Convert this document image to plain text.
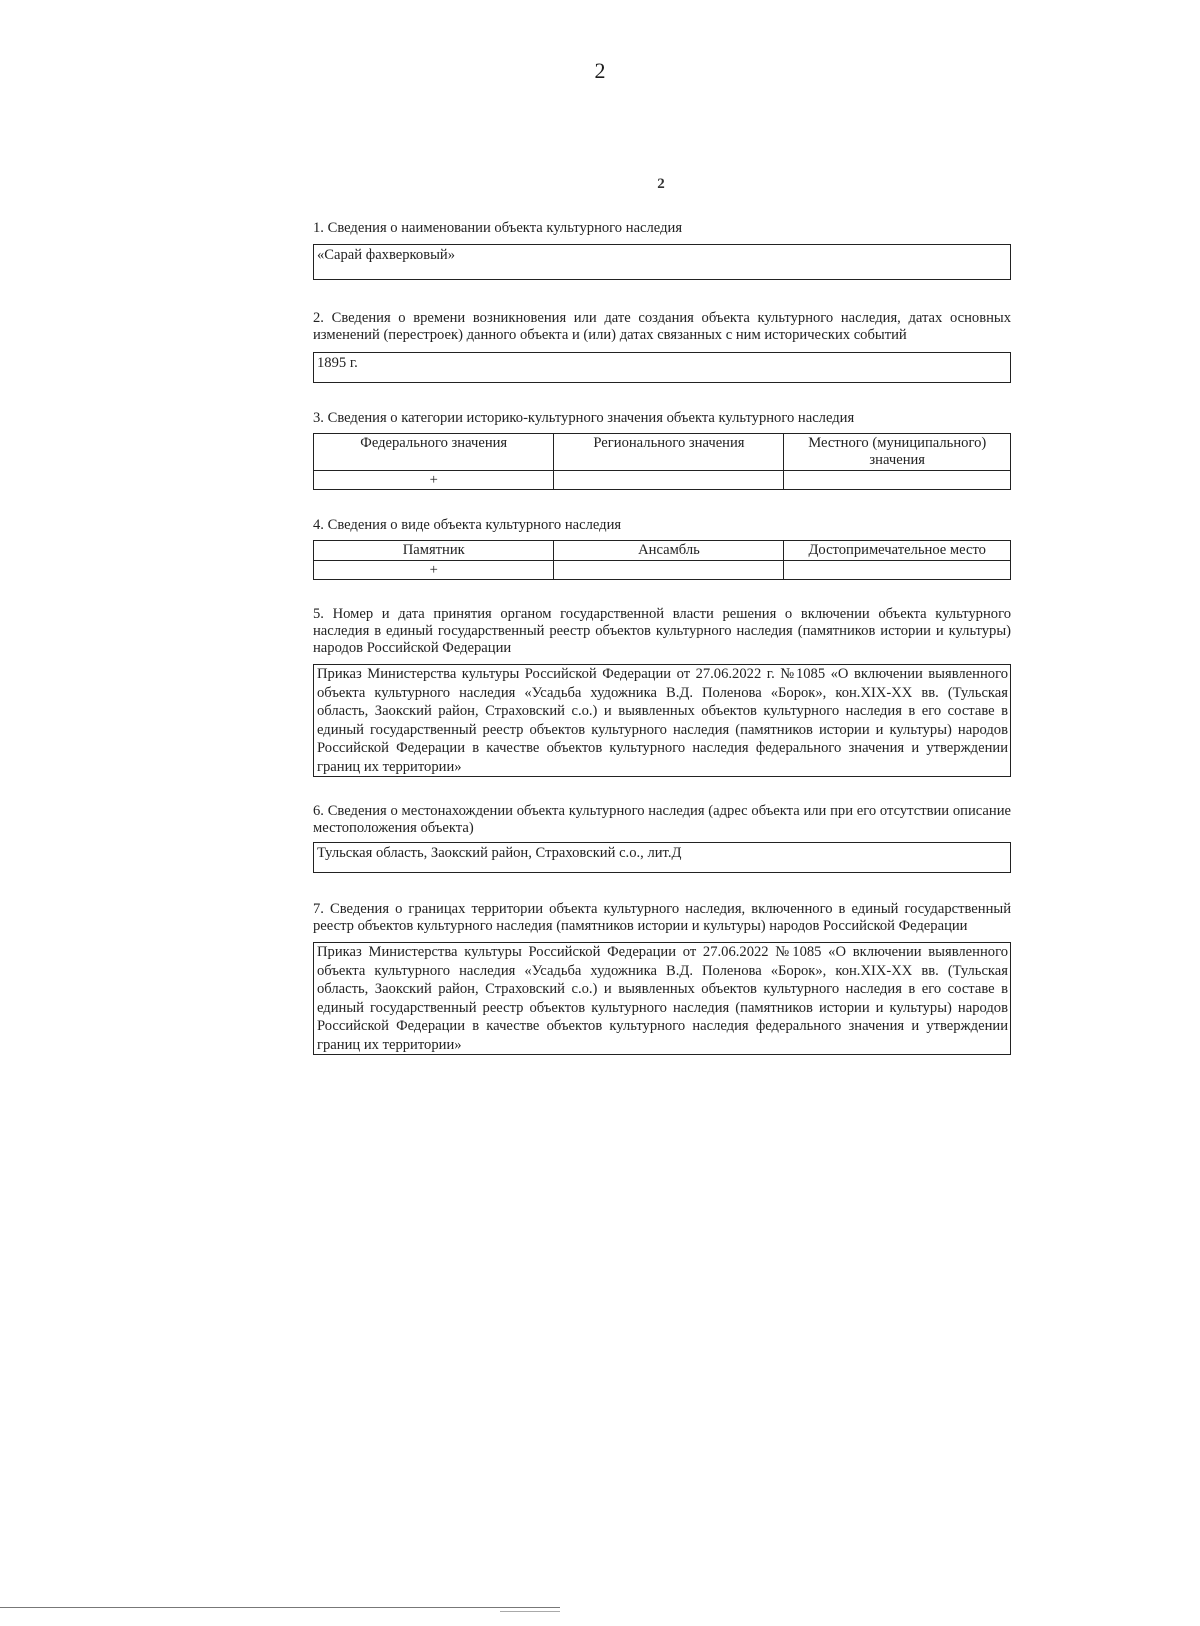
2
2

1. Сведения о наименовании объекта культурного наследия

«Сарай фахверковый»

2. Сведения о времени возникновения или дате создания объекта культурного наследия, датах основных изменений (перестроек) данного объекта и (или) датах связанных с ним исторических событий

1895 г.

3. Сведения о категории историко-культурного значения объекта культурного наследия

Федерального значения	Регионального значения	Местного (муниципального) значения
+		

4. Сведения о виде объекта культурного наследия

Памятник	Ансамбль	Достопримечательное место
+		

5. Номер и дата принятия органом государственной власти решения о включении объекта культурного наследия в единый государственный реестр объектов культурного наследия (памятников истории и культуры) народов Российской Федерации

Приказ Министерства культуры Российской Федерации от 27.06.2022 г. №1085 «О включении выявленного объекта культурного наследия «Усадьба художника В.Д. Поленова «Борок», кон.XIX-XX вв. (Тульская область, Заокский район, Страховский с.о.) и выявленных объектов культурного наследия в его составе в единый государственный реестр объектов культурного наследия (памятников истории и культуры) народов Российской Федерации в качестве объектов культурного наследия федерального значения и утверждении границ их территории»

6. Сведения о местонахождении объекта культурного наследия (адрес объекта или при его отсутствии описание местоположения объекта)

Тульская область, Заокский район, Страховский с.о., лит.Д

7. Сведения о границах территории объекта культурного наследия, включенного в единый государственный реестр объектов культурного наследия (памятников истории и культуры) народов Российской Федерации

Приказ Министерства культуры Российской Федерации от 27.06.2022 №1085 «О включении выявленного объекта культурного наследия «Усадьба художника В.Д. Поленова «Борок», кон.XIX-XX вв. (Тульская область, Заокский район, Страховский с.о.) и выявленных объектов культурного наследия в его составе в единый государственный реестр объектов культурного наследия (памятников истории и культуры) народов Российской Федерации в качестве объектов культурного наследия федерального значения и утверждении границ их территории»
